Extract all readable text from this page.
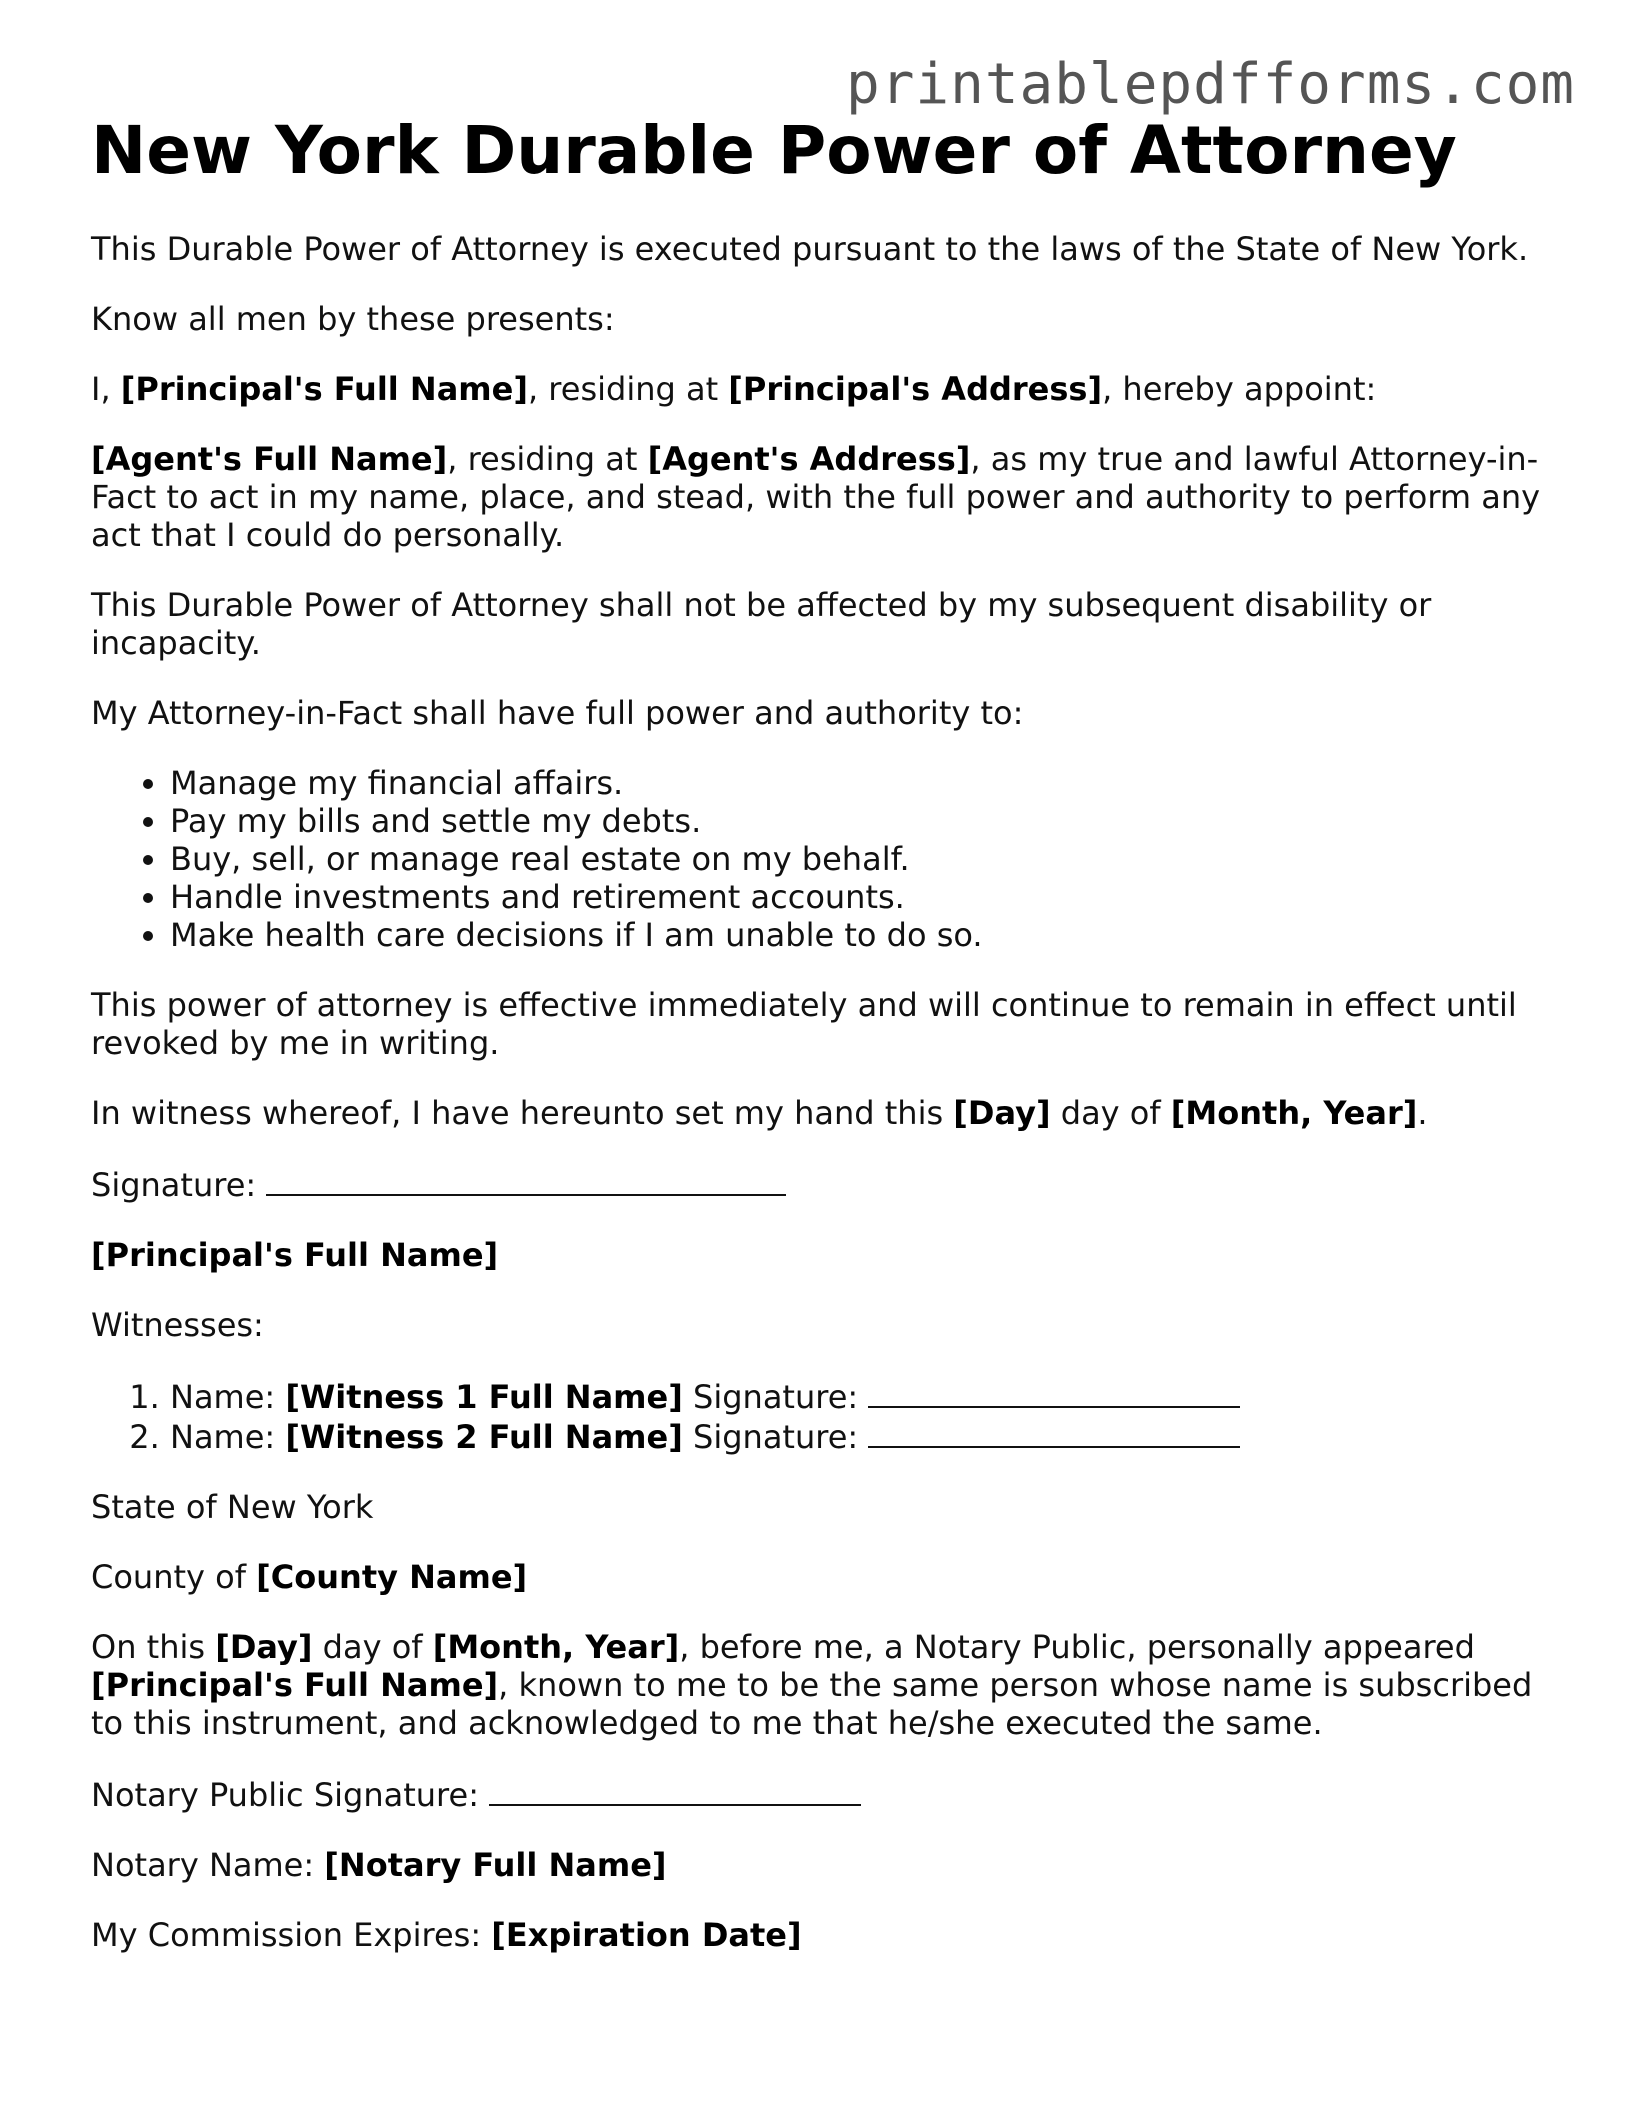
printablepdfforms.com
New York Durable Power of Attorney

This Durable Power of Attorney is executed pursuant to the laws of the State of New York.

Know all men by these presents:

I, [Principal's Full Name], residing at [Principal's Address], hereby appoint:

[Agent's Full Name], residing at [Agent's Address], as my true and lawful Attorney-in-Fact to act in my name, place, and stead, with the full power and authority to perform any act that I could do personally.

This Durable Power of Attorney shall not be affected by my subsequent disability or incapacity.

My Attorney-in-Fact shall have full power and authority to:

• Manage my financial affairs.
• Pay my bills and settle my debts.
• Buy, sell, or manage real estate on my behalf.
• Handle investments and retirement accounts.
• Make health care decisions if I am unable to do so.

This power of attorney is effective immediately and will continue to remain in effect until revoked by me in writing.

In witness whereof, I have hereunto set my hand this [Day] day of [Month, Year].

Signature:

[Principal's Full Name]

Witnesses:

1. Name: [Witness 1 Full Name] Signature:
2. Name: [Witness 2 Full Name] Signature:

State of New York

County of [County Name]

On this [Day] day of [Month, Year], before me, a Notary Public, personally appeared [Principal's Full Name], known to me to be the same person whose name is subscribed to this instrument, and acknowledged to me that he/she executed the same.

Notary Public Signature:

Notary Name: [Notary Full Name]

My Commission Expires: [Expiration Date]
